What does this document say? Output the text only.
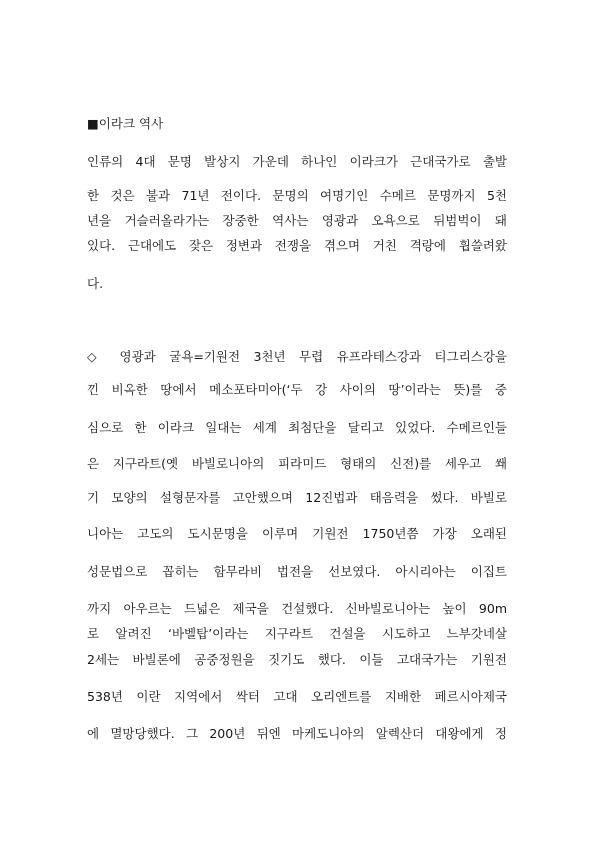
■이라크 역사
인류의 4대 문명 발상지 가운데 하나인 이라크가 근대국가로 출발
한 것은 불과 71년 전이다. 문명의 여명기인 수메르 문명까지 5천
년을 거슬러올라가는 장중한 역사는 영광과 오욕으로 뒤범벅이 돼
있다. 근대에도 잦은 정변과 전쟁을 겪으며 거친 격랑에 휩쓸려왔
다.
◇ 영광과 굴욕=기원전 3천년 무렵 유프라테스강과 티그리스강을
낀 비옥한 땅에서 메소포타미아(‘두 강 사이의 땅’이라는 뜻)를 중
심으로 한 이라크 일대는 세계 최첨단을 달리고 있었다. 수메르인들
은 지구라트(옛 바빌로니아의 피라미드 형태의 신전)를 세우고 쐐
기 모양의 설형문자를 고안했으며 12진법과 태음력을 썼다. 바빌로
니아는 고도의 도시문명을 이루며 기원전 1750년쯤 가장 오래된
성문법으로 꼽히는 함무라비 법전을 선보였다. 아시리아는 이집트
까지 아우르는 드넓은 제국을 건설했다. 신바빌로니아는 높이 90m
로 알려진 ‘바벨탑’이라는 지구라트 건설을 시도하고 느부갓네살
2세는 바빌론에 공중정원을 짓기도 했다. 이들 고대국가는 기원전
538년 이란 지역에서 싹터 고대 오리엔트를 지배한 페르시아제국
에 멸망당했다. 그 200년 뒤엔 마케도니아의 알렉산더 대왕에게 정
